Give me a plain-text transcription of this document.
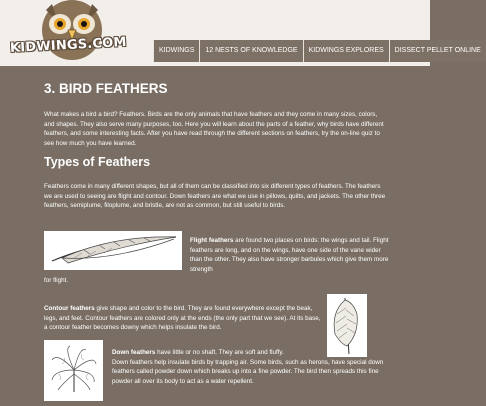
KIDWINGS.COM	KIDWINGS	12 NESTS OF KNOWLEDGE	KIDWINGS EXPLORES	DISSECT PELLET ONLINE
3. BIRD FEATHERS

What makes a bird a bird? Feathers. Birds are the only animals that have feathers and they come in many sizes, colors, and shapes. They also serve many purposes, too. Here you will learn about the parts of a feather, why birds have different feathers, and some interesting facts. After you have read through the different sections on feathers, try the on-line quiz to see how much you have learned.

Types of Feathers

Feathers come in many different shapes, but all of them can be classified into six different types of feathers. The feathers we are used to seeing are flight and contour. Down feathers are what we use in pillows, quilts, and jackets. The other three feathers, semiplume, filoplume, and bristle, are not as common, but still useful to birds.

Flight feathers are found two places on birds: the wings and tail. Flight feathers are long, and on the wings, have one side of the vane wider than the other. They also have stronger barbules which give them more strength

for flight.

Contour feathers give shape and color to the bird. They are found everywhere except the beak, legs, and feet. Contour feathers are colored only at the ends (the only part that we see). At its base, a contour feather becomes downy which helps insulate the bird.

Down feathers have little or no shaft. They are soft and fluffy.
Down feathers help insulate birds by trapping air. Some birds, such as herons, have special down feathers called powder down which breaks up into a fine powder. The bird then spreads this fine powder all over its body to act as a water repellent.
